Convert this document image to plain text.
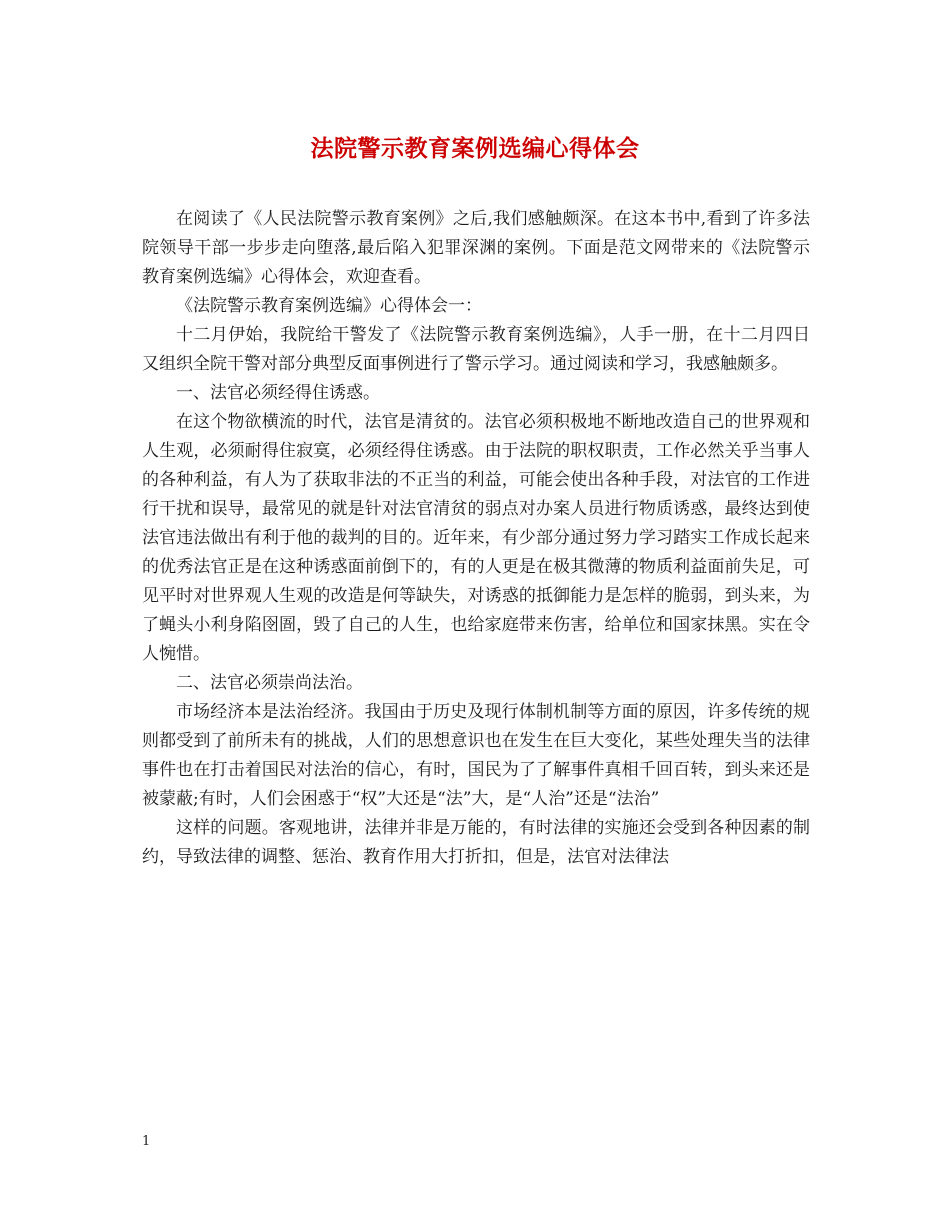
法院警示教育案例选编心得体会

在阅读了《人民法院警示教育案例》之后,我们感触颇深。在这本书中,看到了许多法院领导干部一步步走向堕落,最后陷入犯罪深渊的案例。下面是范文网带来的《法院警示教育案例选编》心得体会，欢迎查看。

《法院警示教育案例选编》心得体会一：

十二月伊始，我院给干警发了《法院警示教育案例选编》，人手一册，在十二月四日又组织全院干警对部分典型反面事例进行了警示学习。通过阅读和学习，我感触颇多。

一、法官必须经得住诱惑。

在这个物欲横流的时代，法官是清贫的。法官必须积极地不断地改造自己的世界观和人生观，必须耐得住寂寞，必须经得住诱惑。由于法院的职权职责，工作必然关乎当事人的各种利益，有人为了获取非法的不正当的利益，可能会使出各种手段，对法官的工作进行干扰和误导，最常见的就是针对法官清贫的弱点对办案人员进行物质诱惑，最终达到使法官违法做出有利于他的裁判的目的。近年来，有少部分通过努力学习踏实工作成长起来的优秀法官正是在这种诱惑面前倒下的，有的人更是在极其微薄的物质利益面前失足，可见平时对世界观人生观的改造是何等缺失，对诱惑的抵御能力是怎样的脆弱，到头来，为了蝇头小利身陷囹圄，毁了自己的人生，也给家庭带来伤害，给单位和国家抹黑。实在令人惋惜。

二、法官必须崇尚法治。

市场经济本是法治经济。我国由于历史及现行体制机制等方面的原因，许多传统的规则都受到了前所未有的挑战，人们的思想意识也在发生在巨大变化，某些处理失当的法律事件也在打击着国民对法治的信心，有时，国民为了了解事件真相千回百转，到头来还是被蒙蔽;有时，人们会困惑于“权”大还是“法”大，是“人治”还是“法治”

这样的问题。客观地讲，法律并非是万能的，有时法律的实施还会受到各种因素的制约，导致法律的调整、惩治、教育作用大打折扣，但是，法官对法律法

1
